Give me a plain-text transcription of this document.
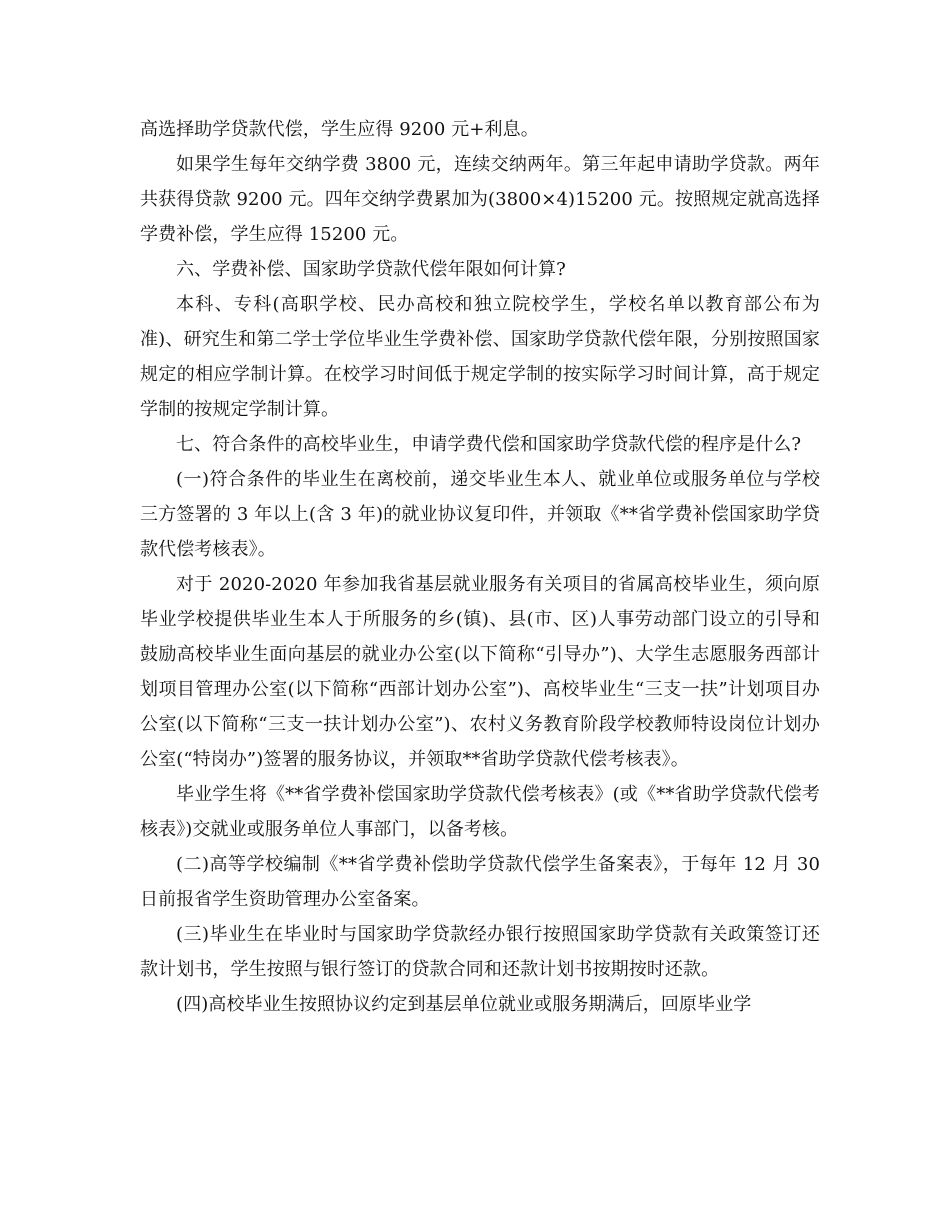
高选择助学贷款代偿，学生应得 9200 元+利息。

如果学生每年交纳学费 3800 元，连续交纳两年。第三年起申请助学贷款。两年共获得贷款 9200 元。四年交纳学费累加为(3800×4)15200 元。按照规定就高选择学费补偿，学生应得 15200 元。

六、学费补偿、国家助学贷款代偿年限如何计算?

本科、专科(高职学校、民办高校和独立院校学生，学校名单以教育部公布为准)、研究生和第二学士学位毕业生学费补偿、国家助学贷款代偿年限，分别按照国家规定的相应学制计算。在校学习时间低于规定学制的按实际学习时间计算，高于规定学制的按规定学制计算。

七、符合条件的高校毕业生，申请学费代偿和国家助学贷款代偿的程序是什么?

(一)符合条件的毕业生在离校前，递交毕业生本人、就业单位或服务单位与学校三方签署的 3 年以上(含 3 年)的就业协议复印件，并领取《**省学费补偿国家助学贷款代偿考核表》。

对于 2020-2020 年参加我省基层就业服务有关项目的省属高校毕业生，须向原毕业学校提供毕业生本人于所服务的乡(镇)、县(市、区)人事劳动部门设立的引导和鼓励高校毕业生面向基层的就业办公室(以下简称“引导办”)、大学生志愿服务西部计划项目管理办公室(以下简称“西部计划办公室”)、高校毕业生“三支一扶”计划项目办公室(以下简称“三支一扶计划办公室”)、农村义务教育阶段学校教师特设岗位计划办公室(“特岗办”)签署的服务协议，并领取**省助学贷款代偿考核表》。

毕业学生将《**省学费补偿国家助学贷款代偿考核表》(或《**省助学贷款代偿考核表》)交就业或服务单位人事部门，以备考核。

(二)高等学校编制《**省学费补偿助学贷款代偿学生备案表》，于每年 12 月 30 日前报省学生资助管理办公室备案。

(三)毕业生在毕业时与国家助学贷款经办银行按照国家助学贷款有关政策签订还款计划书，学生按照与银行签订的贷款合同和还款计划书按期按时还款。

(四)高校毕业生按照协议约定到基层单位就业或服务期满后，回原毕业学
